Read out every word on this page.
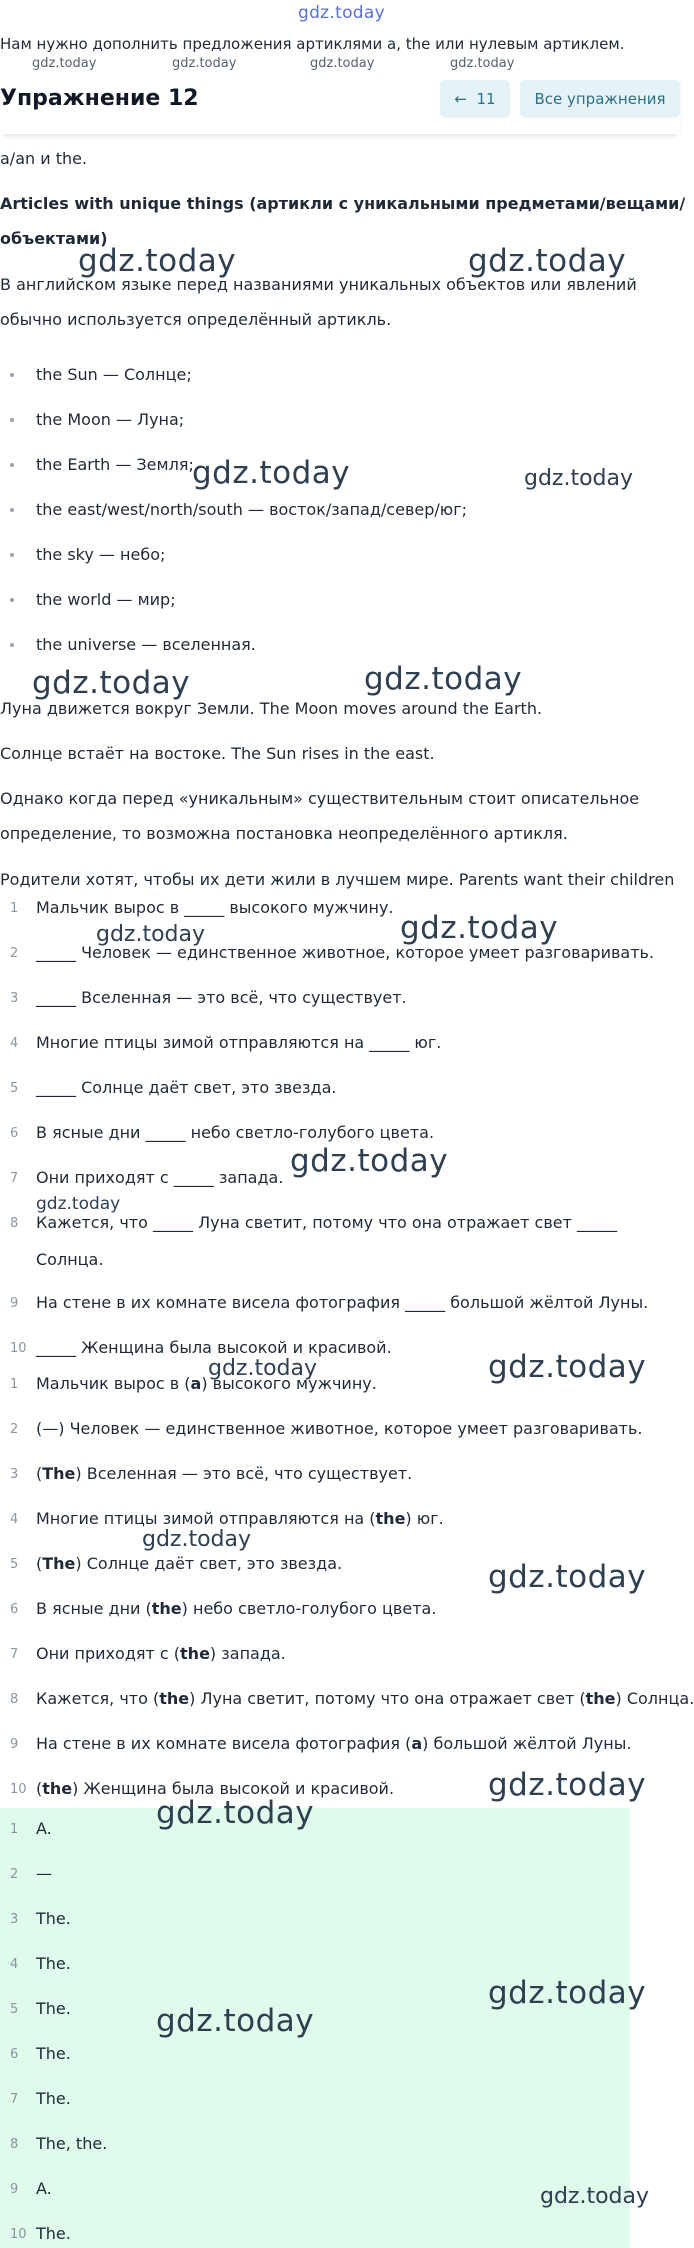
gdz.today
Нам нужно дополнить предложения артиклями a, the или нулевым артиклем.
gdz.today	gdz.today	gdz.today	gdz.today
Упражнение 12	← 11	Все упражнения
a/an и the.
Articles with unique things (артикли с уникальными предметами/вещами/
объектами)
В английском языке перед названиями уникальных объектов или явлений
обычно используется определённый артикль.
the Sun — Солнце;
the Moon — Луна;
the Earth — Земля;
the east/west/north/south — восток/запад/север/юг;
the sky — небо;
the world — мир;
the universe — вселенная.
Луна движется вокруг Земли. The Moon moves around the Earth.
Солнце встаёт на востоке. The Sun rises in the east.
Однако когда перед «уникальным» существительным стоит описательное
определение, то возможна постановка неопределённого артикля.
Родители хотят, чтобы их дети жили в лучшем мире. Parents want their children
1	Мальчик вырос в _____ высокого мужчину.
2	_____ Человек — единственное животное, которое умеет разговаривать.
3	_____ Вселенная — это всё, что существует.
4	Многие птицы зимой отправляются на _____ юг.
5	_____ Солнце даёт свет, это звезда.
6	В ясные дни _____ небо светло-голубого цвета.
7	Они приходят с _____ запада.
8	Кажется, что _____ Луна светит, потому что она отражает свет _____
Солнца.
9	На стене в их комнате висела фотография _____ большой жёлтой Луны.
10 _____ Женщина была высокой и красивой.
1	Мальчик вырос в (a) высокого мужчину.
2	(—) Человек — единственное животное, которое умеет разговаривать.
3	(The) Вселенная — это всё, что существует.
4	Многие птицы зимой отправляются на (the) юг.
5	(The) Солнце даёт свет, это звезда.
6	В ясные дни (the) небо светло-голубого цвета.
7	Они приходят с (the) запада.
8	Кажется, что (the) Луна светит, потому что она отражает свет (the) Солнца.
9	На стене в их комнате висела фотография (a) большой жёлтой Луны.
10 (the) Женщина была высокой и красивой.
1	A.
2	—
3	The.
4	The.
5	The.
6	The.
7	The.
8	The, the.
9	A.
10 The.
gdz.today	gdz.today
gdz.today	gdz.today
gdz.today	gdz.today
gdz.today	gdz.today
gdz.today
gdz.today
gdz.today	gdz.today
gdz.today
gdz.today
gdz.today
gdz.today
gdz.today
gdz.today
gdz.today
